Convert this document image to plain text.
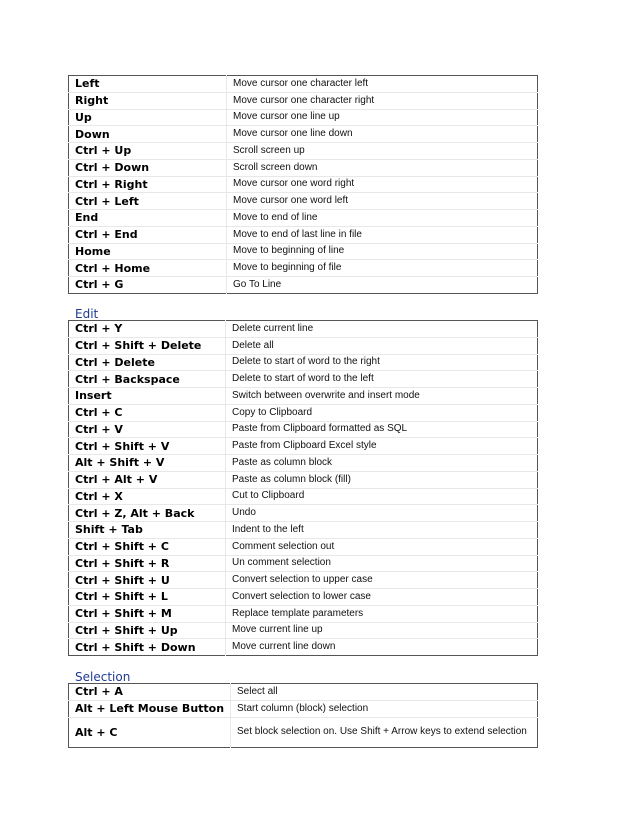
Left	Move cursor one character left
Right	Move cursor one character right
Up	Move cursor one line up
Down	Move cursor one line down
Ctrl + Up	Scroll screen up
Ctrl + Down	Scroll screen down
Ctrl + Right	Move cursor one word right
Ctrl + Left	Move cursor one word left
End	Move to end of line
Ctrl + End	Move to end of last line in file
Home	Move to beginning of line
Ctrl + Home	Move to beginning of file
Ctrl + G	Go To Line
Edit
Ctrl + Y	Delete current line
Ctrl + Shift + Delete	Delete all
Ctrl + Delete	Delete to start of word to the right
Ctrl + Backspace	Delete to start of word to the left
Insert	Switch between overwrite and insert mode
Ctrl + C	Copy to Clipboard
Ctrl + V	Paste from Clipboard formatted as SQL
Ctrl + Shift + V	Paste from Clipboard Excel style
Alt + Shift + V	Paste as column block
Ctrl + Alt + V	Paste as column block (fill)
Ctrl + X	Cut to Clipboard
Ctrl + Z, Alt + Back	Undo
Shift + Tab	Indent to the left
Ctrl + Shift + C	Comment selection out
Ctrl + Shift + R	Un comment selection
Ctrl + Shift + U	Convert selection to upper case
Ctrl + Shift + L	Convert selection to lower case
Ctrl + Shift + M	Replace template parameters
Ctrl + Shift + Up	Move current line up
Ctrl + Shift + Down	Move current line down
Selection
Ctrl + A	Select all
Alt + Left Mouse Button	Start column (block) selection
Alt + C	Set block selection on. Use Shift + Arrow keys to extend selection
